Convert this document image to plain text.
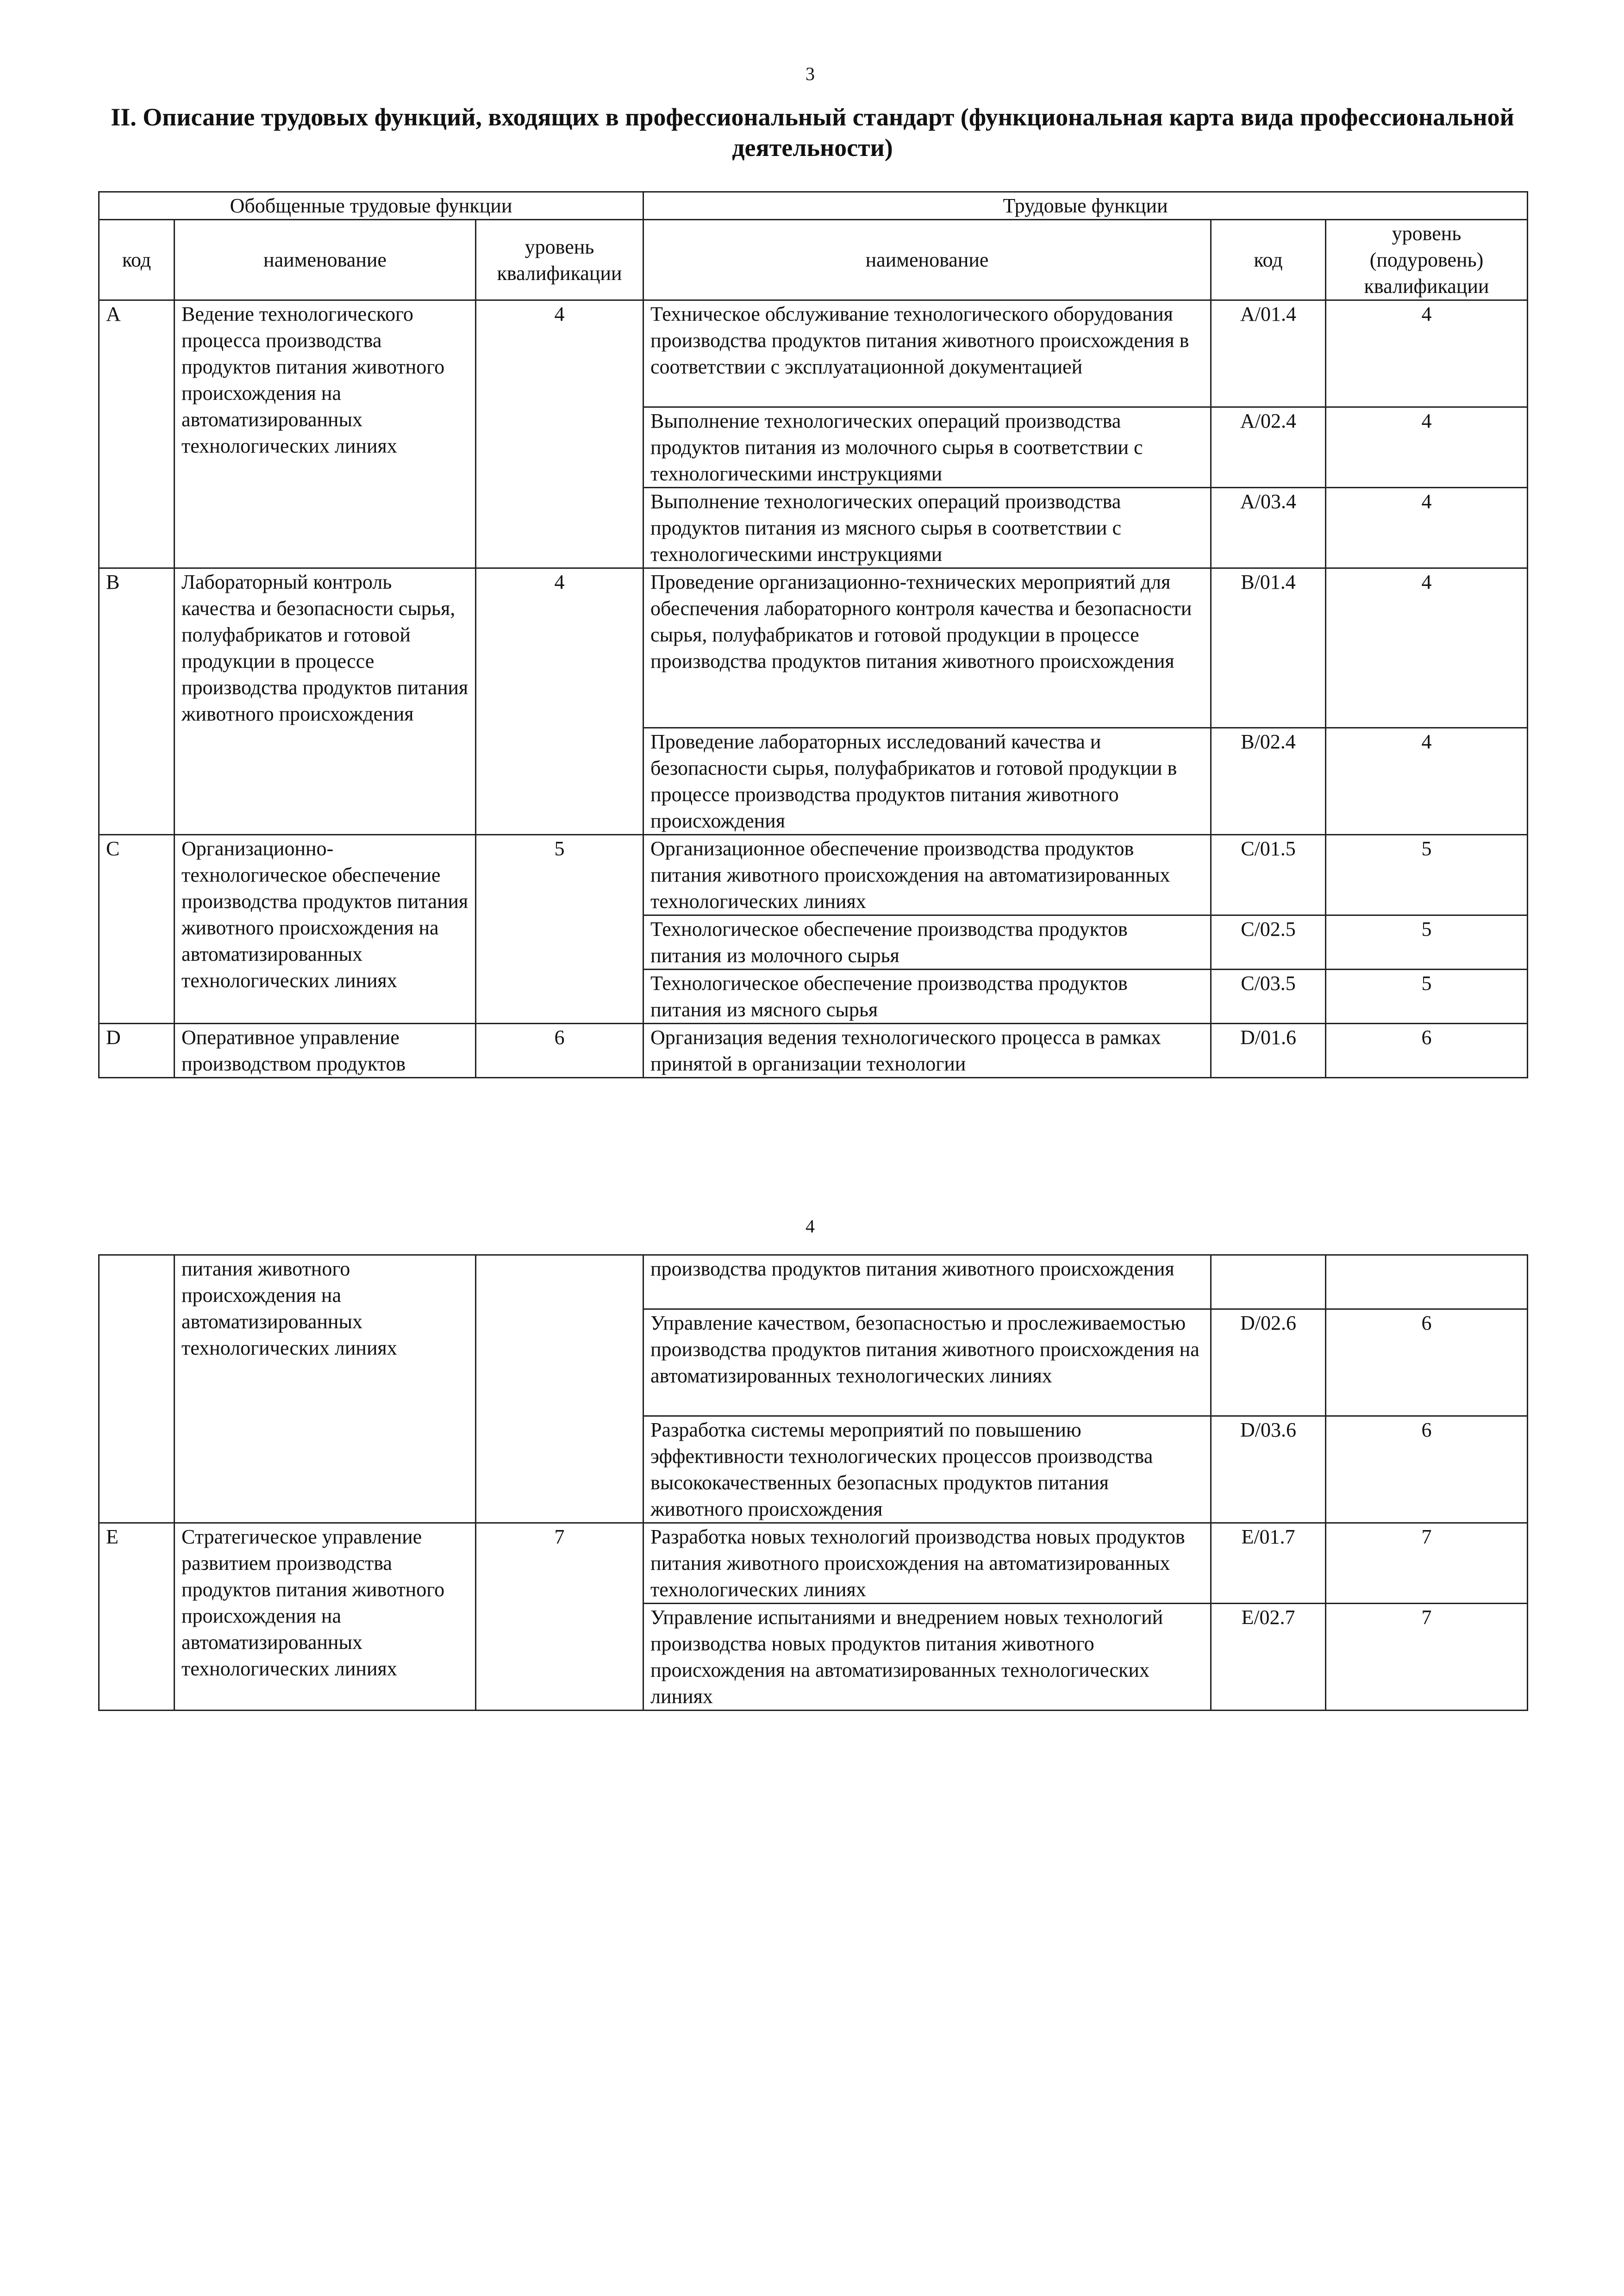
3
II. Описание трудовых функций, входящих в профессиональный стандарт (функциональная карта вида профессиональной деятельности)
Обобщенные трудовые функции			Трудовые функции		
код	наименование	уровень квалификации	наименование	код	уровень (подуровень) квалификации
A	Ведение технологического процесса производства продуктов питания животного происхождения на автоматизированных технологических линиях	4	Техническое обслуживание технологического оборудования производства продуктов питания животного происхождения в соответствии с эксплуатационной документацией	A/01.4	4
			Выполнение технологических операций производства продуктов питания из молочного сырья в соответствии с технологическими инструкциями	A/02.4	4
			Выполнение технологических операций производства продуктов питания из мясного сырья в соответствии с технологическими инструкциями	A/03.4	4
B	Лабораторный контроль качества и безопасности сырья, полуфабрикатов и готовой продукции в процессе производства продуктов питания животного происхождения	4	Проведение организационно-технических мероприятий для обеспечения лабораторного контроля качества и безопасности сырья, полуфабрикатов и готовой продукции в процессе производства продуктов питания животного происхождения	B/01.4	4
			Проведение лабораторных исследований качества и безопасности сырья, полуфабрикатов и готовой продукции в процессе производства продуктов питания животного происхождения	B/02.4	4
C	Организационно-технологическое обеспечение производства продуктов питания животного происхождения на автоматизированных технологических линиях	5	Организационное обеспечение производства продуктов питания животного происхождения на автоматизированных технологических линиях	C/01.5	5
			Технологическое обеспечение производства продуктов питания из молочного сырья	C/02.5	5
			Технологическое обеспечение производства продуктов питания из мясного сырья	C/03.5	5
D	Оперативное управление производством продуктов	6	Организация ведения технологического процесса в рамках принятой в организации технологии	D/01.6	6
4
	питания животного происхождения на автоматизированных технологических линиях		производства продуктов питания животного происхождения		
			Управление качеством, безопасностью и прослеживаемостью производства продуктов питания животного происхождения на автоматизированных технологических линиях	D/02.6	6
			Разработка системы мероприятий по повышению эффективности технологических процессов производства высококачественных безопасных продуктов питания животного происхождения	D/03.6	6
E	Стратегическое управление развитием производства продуктов питания животного происхождения на автоматизированных технологических линиях	7	Разработка новых технологий производства новых продуктов питания животного происхождения на автоматизированных технологических линиях	E/01.7	7
			Управление испытаниями и внедрением новых технологий производства новых продуктов питания животного происхождения на автоматизированных технологических линиях	E/02.7	7
